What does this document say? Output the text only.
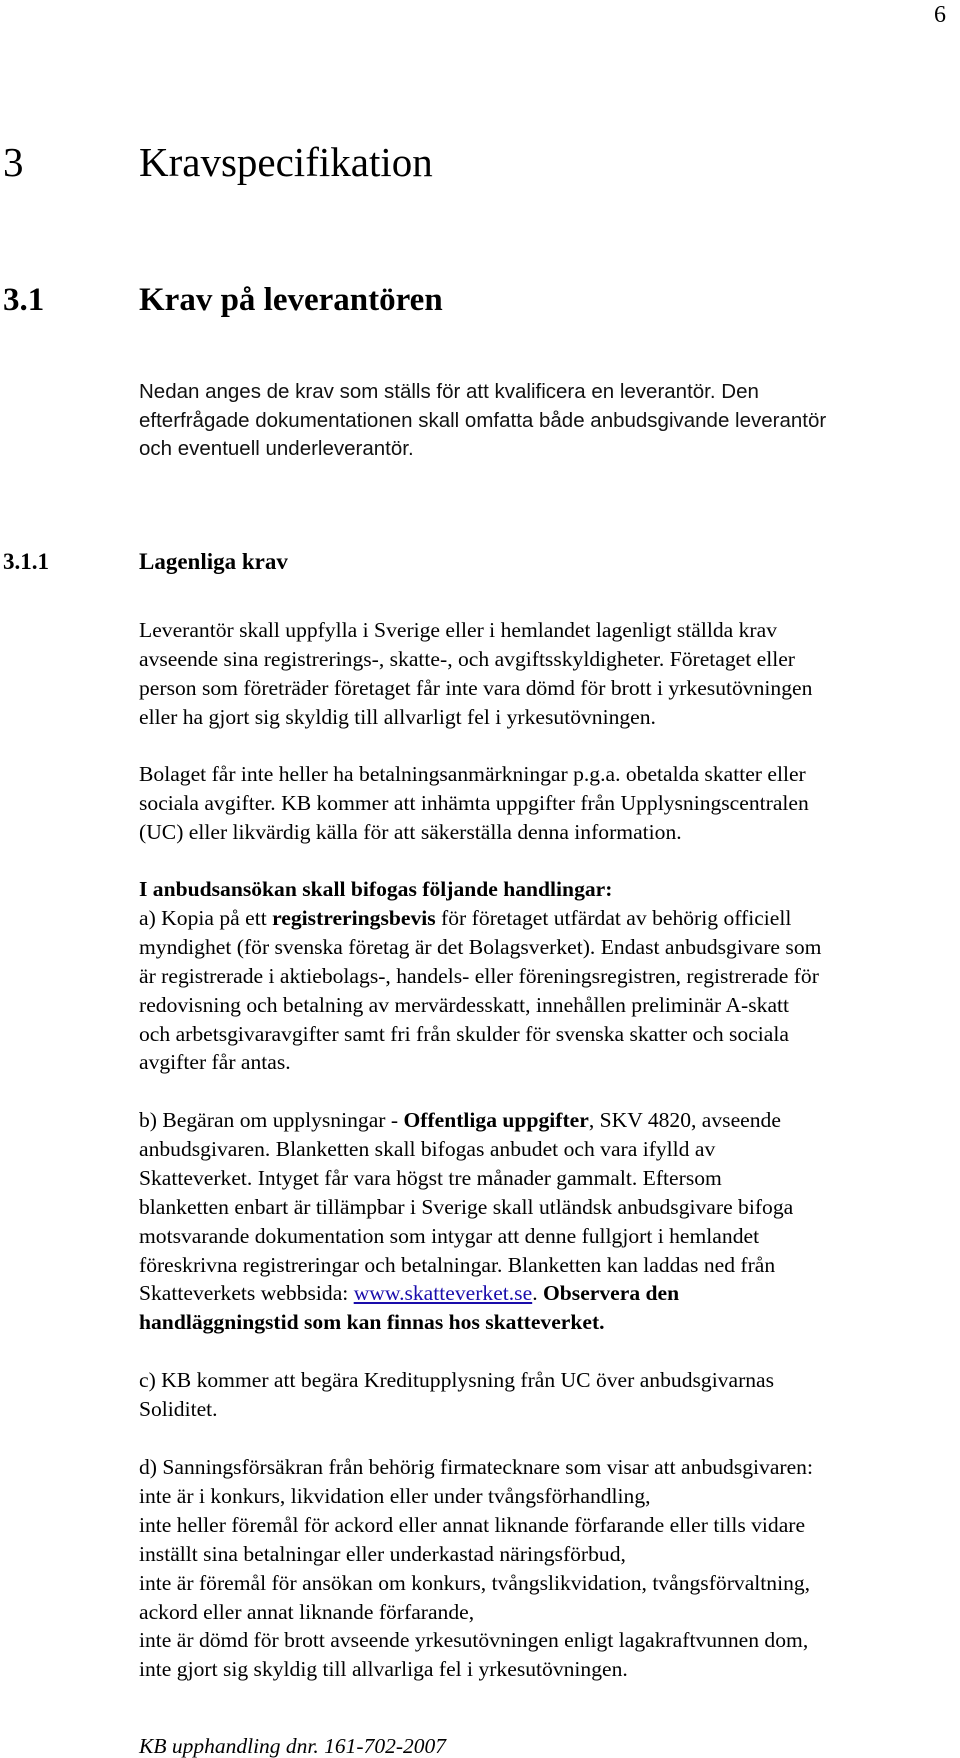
6
3	Kravspecifikation
3.1	Krav på leverantören
Nedan anges de krav som ställs för att kvalificera en leverantör. Den
efterfrågade dokumentationen skall omfatta både anbudsgivande leverantör
och eventuell underleverantör.
3.1.1	Lagenliga krav
Leverantör skall uppfylla i Sverige eller i hemlandet lagenligt ställda krav
avseende sina registrerings-, skatte-, och avgiftsskyldigheter. Företaget eller
person som företräder företaget får inte vara dömd för brott i yrkesutövningen
eller ha gjort sig skyldig till allvarligt fel i yrkesutövningen.
Bolaget får inte heller ha betalningsanmärkningar p.g.a. obetalda skatter eller
sociala avgifter. KB kommer att inhämta uppgifter från Upplysningscentralen
(UC) eller likvärdig källa för att säkerställa denna information.
I anbudsansökan skall bifogas följande handlingar:
a) Kopia på ett registreringsbevis för företaget utfärdat av behörig officiell
myndighet (för svenska företag är det Bolagsverket). Endast anbudsgivare som
är registrerade i aktiebolags-, handels- eller föreningsregistren, registrerade för
redovisning och betalning av mervärdesskatt, innehållen preliminär A-skatt
och arbetsgivaravgifter samt fri från skulder för svenska skatter och sociala
avgifter får antas.
b) Begäran om upplysningar - Offentliga uppgifter, SKV 4820, avseende
anbudsgivaren. Blanketten skall bifogas anbudet och vara ifylld av
Skatteverket. Intyget får vara högst tre månader gammalt. Eftersom
blanketten enbart är tillämpbar i Sverige skall utländsk anbudsgivare bifoga
motsvarande dokumentation som intygar att denne fullgjort i hemlandet
föreskrivna registreringar och betalningar. Blanketten kan laddas ned från
Skatteverkets webbsida: www.skatteverket.se. Observera den
handläggningstid som kan finnas hos skatteverket.
c) KB kommer att begära Kreditupplysning från UC över anbudsgivarnas
Soliditet.
d) Sanningsförsäkran från behörig firmatecknare som visar att anbudsgivaren:
inte är i konkurs, likvidation eller under tvångsförhandling,
inte heller föremål för ackord eller annat liknande förfarande eller tills vidare
inställt sina betalningar eller underkastad näringsförbud,
inte är föremål för ansökan om konkurs, tvångslikvidation, tvångsförvaltning,
ackord eller annat liknande förfarande,
inte är dömd för brott avseende yrkesutövningen enligt lagakraftvunnen dom,
inte gjort sig skyldig till allvarliga fel i yrkesutövningen.
KB upphandling dnr. 161-702-2007
